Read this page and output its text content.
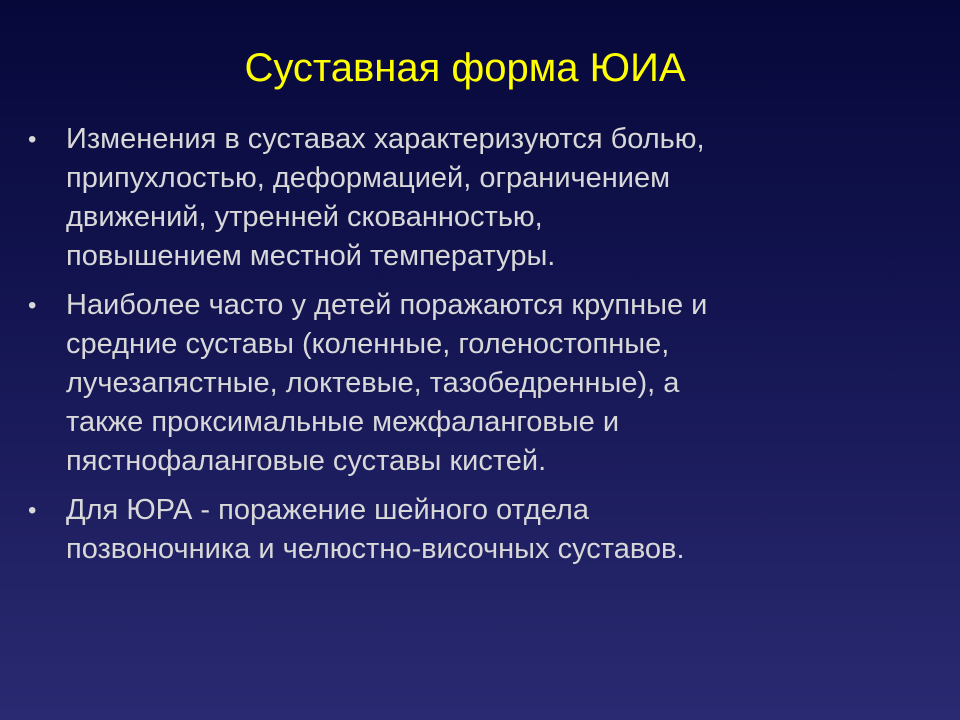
Суставная форма ЮИА
• Изменения в суставах характеризуются болью,
припухлостью, деформацией, ограничением
движений, утренней скованностью,
повышением местной температуры.
• Наиболее часто у детей поражаются крупные и
средние суставы (коленные, голеностопные,
лучезапястные, локтевые, тазобедренные), а
также проксимальные межфаланговые и
пястнофаланговые суставы кистей.
• Для ЮРА - поражение шейного отдела
позвоночника и челюстно-височных суставов.
